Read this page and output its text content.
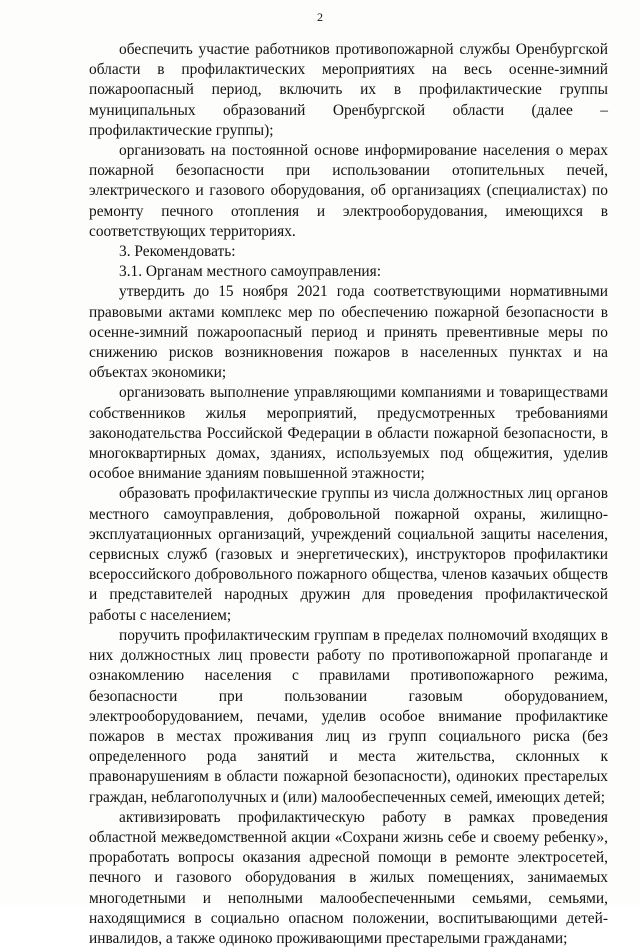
2

обеспечить участие работников противопожарной службы Оренбургской области в профилактических мероприятиях на весь осенне-зимний пожароопасный период, включить их в профилактические группы муниципальных образований Оренбургской области (далее – профилактические группы);

организовать на постоянной основе информирование населения о мерах пожарной безопасности при использовании отопительных печей, электрического и газового оборудования, об организациях (специалистах) по ремонту печного отопления и электрооборудования, имеющихся в соответствующих территориях.

3. Рекомендовать:

3.1. Органам местного самоуправления:

утвердить до 15 ноября 2021 года соответствующими нормативными правовыми актами комплекс мер по обеспечению пожарной безопасности в осенне-зимний пожароопасный период и принять превентивные меры по снижению рисков возникновения пожаров в населенных пунктах и на объектах экономики;

организовать выполнение управляющими компаниями и товариществами собственников жилья мероприятий, предусмотренных требованиями законодательства Российской Федерации в области пожарной безопасности, в многоквартирных домах, зданиях, используемых под общежития, уделив особое внимание зданиям повышенной этажности;

образовать профилактические группы из числа должностных лиц органов местного самоуправления, добровольной пожарной охраны, жилищно-эксплуатационных организаций, учреждений социальной защиты населения, сервисных служб (газовых и энергетических), инструкторов профилактики всероссийского добровольного пожарного общества, членов казачьих обществ и представителей народных дружин для проведения профилактической работы с населением;

поручить профилактическим группам в пределах полномочий входящих в них должностных лиц провести работу по противопожарной пропаганде и ознакомлению населения с правилами противопожарного режима, безопасности при пользовании газовым оборудованием, электрооборудованием, печами, уделив особое внимание профилактике пожаров в местах проживания лиц из групп социального риска (без определенного рода занятий и места жительства, склонных к правонарушениям в области пожарной безопасности), одиноких престарелых граждан, неблагополучных и (или) малообеспеченных семей, имеющих детей;

активизировать профилактическую работу в рамках проведения областной межведомственной акции «Сохрани жизнь себе и своему ребенку», проработать вопросы оказания адресной помощи в ремонте электросетей, печного и газового оборудования в жилых помещениях, занимаемых многодетными и неполными малообеспеченными семьями, семьями, находящимися в социально опасном положении, воспитывающими детей-инвалидов, а также одиноко проживающими престарелыми гражданами;
